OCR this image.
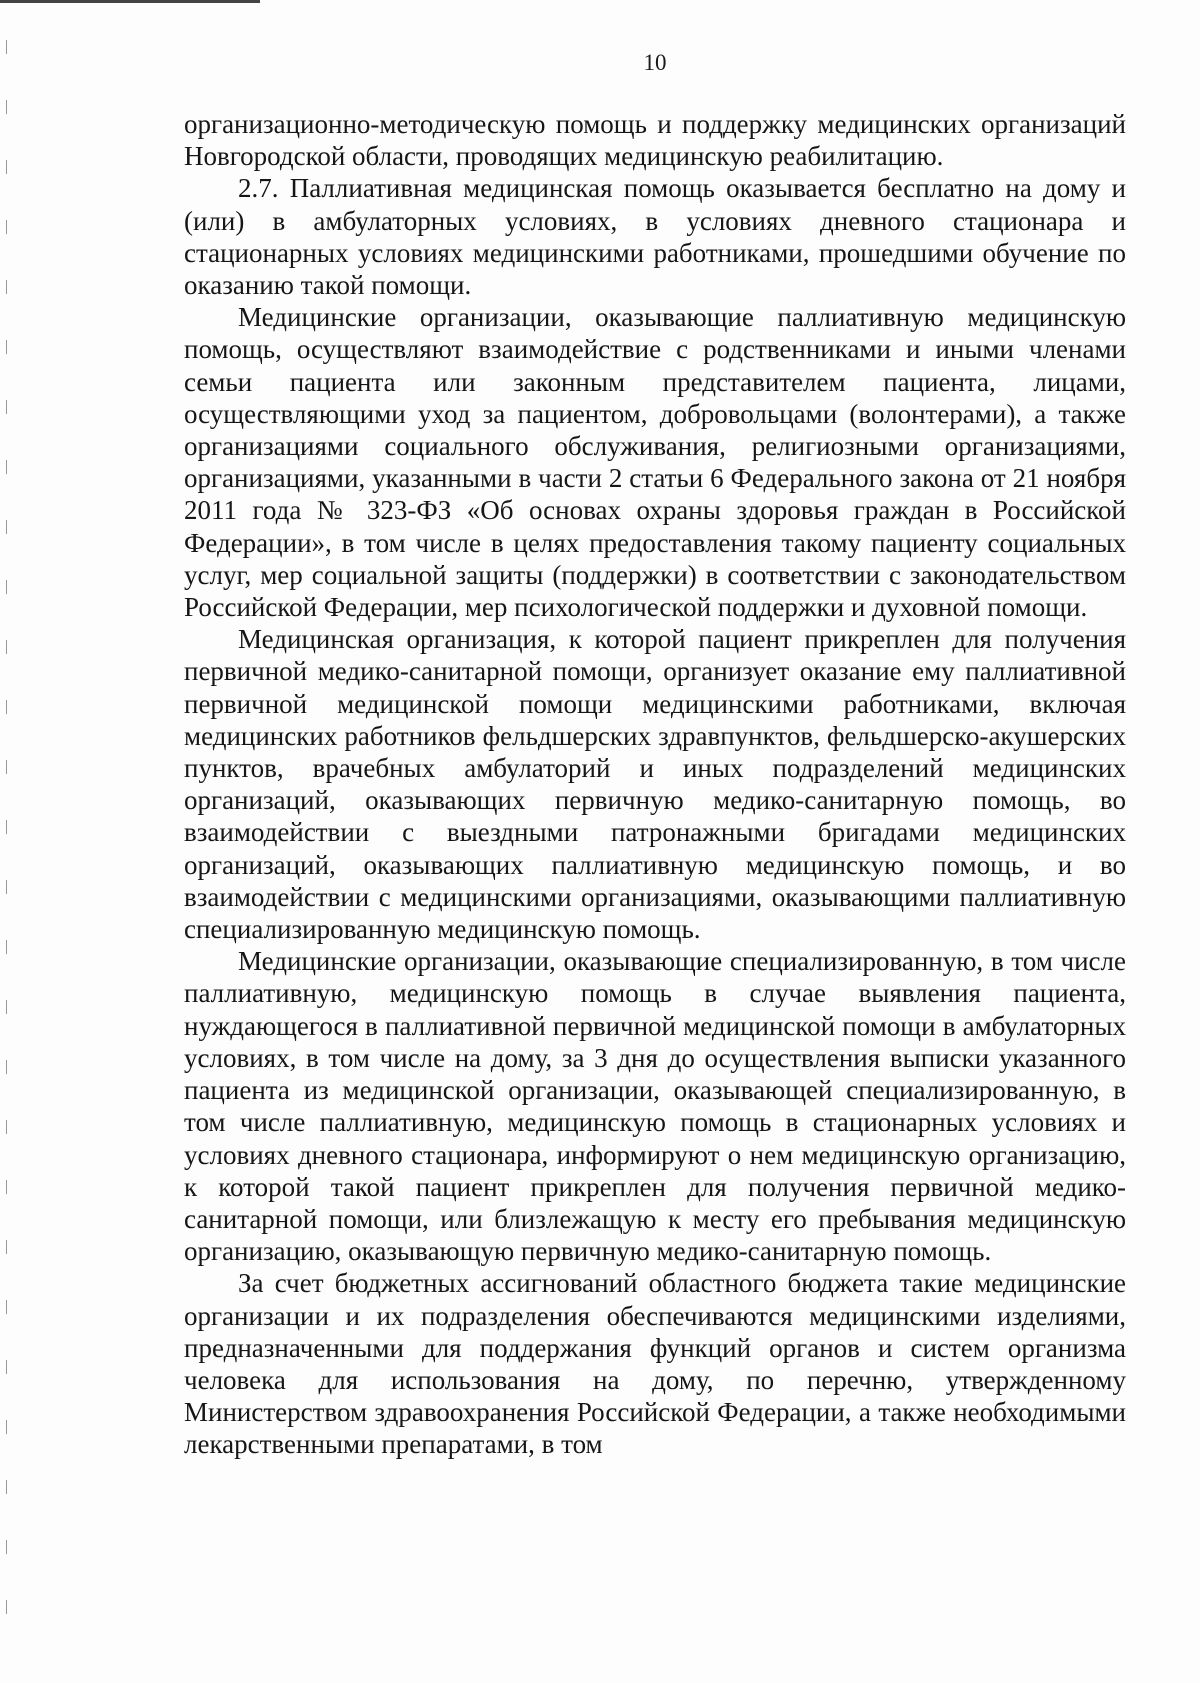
10

организационно-методическую помощь и поддержку медицинских организаций Новгородской области, проводящих медицинскую реабилитацию.

2.7. Паллиативная медицинская помощь оказывается бесплатно на дому и (или) в амбулаторных условиях, в условиях дневного стационара и стационарных условиях медицинскими работниками, прошедшими обучение по оказанию такой помощи.

Медицинские организации, оказывающие паллиативную медицинскую помощь, осуществляют взаимодействие с родственниками и иными членами семьи пациента или законным представителем пациента, лицами, осуществляющими уход за пациентом, добровольцами (волонтерами), а также организациями социального обслуживания, религиозными организациями, организациями, указанными в части 2 статьи 6 Федерального закона от 21 ноября 2011 года № 323-ФЗ «Об основах охраны здоровья граждан в Российской Федерации», в том числе в целях предоставления такому пациенту социальных услуг, мер социальной защиты (поддержки) в соответствии с законодательством Российской Федерации, мер психологической поддержки и духовной помощи.

Медицинская организация, к которой пациент прикреплен для получения первичной медико-санитарной помощи, организует оказание ему паллиативной первичной медицинской помощи медицинскими работниками, включая медицинских работников фельдшерских здравпунктов, фельдшерско-акушерских пунктов, врачебных амбулаторий и иных подразделений медицинских организаций, оказывающих первичную медико-санитарную помощь, во взаимодействии с выездными патронажными бригадами медицинских организаций, оказывающих паллиативную медицинскую помощь, и во взаимодействии с медицинскими организациями, оказывающими паллиативную специализированную медицинскую помощь.

Медицинские организации, оказывающие специализированную, в том числе паллиативную, медицинскую помощь в случае выявления пациента, нуждающегося в паллиативной первичной медицинской помощи в амбулаторных условиях, в том числе на дому, за 3 дня до осуществления выписки указанного пациента из медицинской организации, оказывающей специализированную, в том числе паллиативную, медицинскую помощь в стационарных условиях и условиях дневного стационара, информируют о нем медицинскую организацию, к которой такой пациент прикреплен для получения первичной медико-санитарной помощи, или близлежащую к месту его пребывания медицинскую организацию, оказывающую первичную медико-санитарную помощь.

За счет бюджетных ассигнований областного бюджета такие медицинские организации и их подразделения обеспечиваются медицинскими изделиями, предназначенными для поддержания функций органов и систем организма человека для использования на дому, по перечню, утвержденному Министерством здравоохранения Российской Федерации, а также необходимыми лекарственными препаратами, в том
